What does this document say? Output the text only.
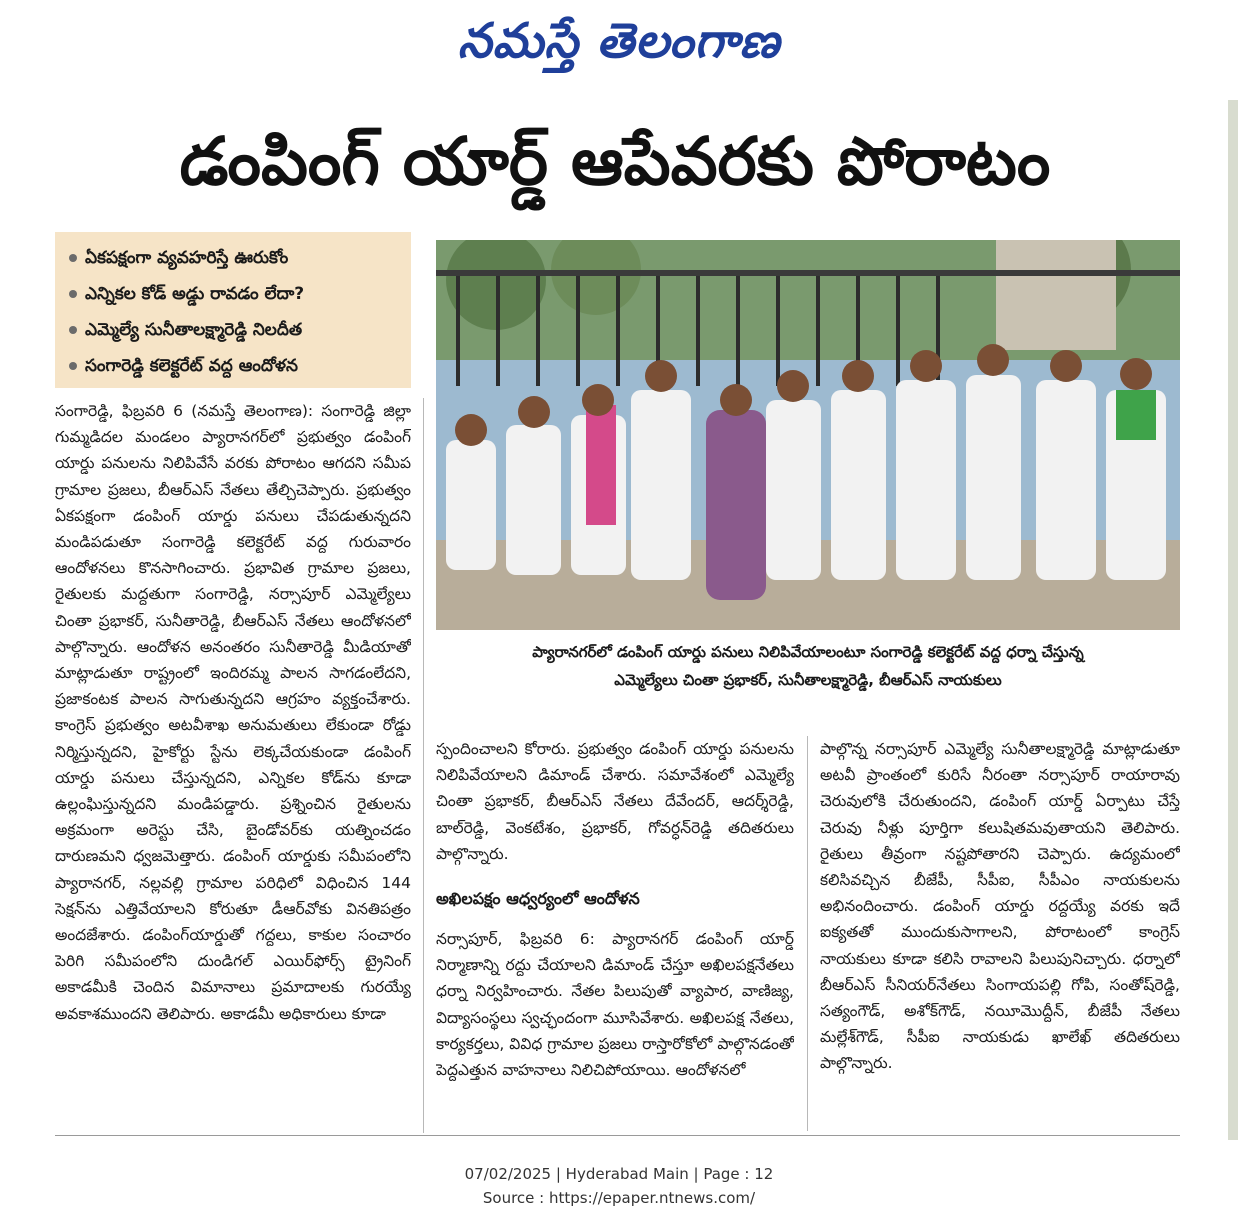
నమస్తే తెలంగాణ
డంపింగ్ యార్డ్ ఆపేవరకు పోరాటం
ఏకపక్షంగా వ్యవహరిస్తే ఊరుకోం
ఎన్నికల కోడ్ అడ్డు రావడం లేదా?
ఎమ్మెల్యే సునీతాలక్ష్మారెడ్డి నిలదీత
సంగారెడ్డి కలెక్టరేట్ వద్ద ఆందోళన
ప్యారానగర్‌లో డంపింగ్ యార్డు పనులు నిలిపివేయాలంటూ సంగారెడ్డి కలెక్టరేట్ వద్ద ధర్నా చేస్తున్న
ఎమ్మెల్యేలు చింతా ప్రభాకర్, సునీతాలక్ష్మారెడ్డి, బీఆర్‌ఎస్ నాయకులు
సంగారెడ్డి, ఫిబ్రవరి 6 (నమస్తే తెలంగాణ): సంగారెడ్డి జిల్లా గుమ్మడిదల మండలం ప్యారానగర్‌లో ప్రభుత్వం డంపింగ్ యార్డు పనులను నిలిపివేసే వరకు పోరాటం ఆగదని సమీప గ్రామాల ప్రజలు, బీఆర్‌ఎస్ నేతలు తేల్చిచెప్పారు. ప్రభుత్వం ఏకపక్షంగా డంపింగ్ యార్డు పనులు చేపడుతున్నదని మండిపడుతూ సంగారెడ్డి కలెక్టరేట్ వద్ద గురువారం ఆందోళనలు కొనసాగించారు. ప్రభావిత గ్రామాల ప్రజలు, రైతులకు మద్దతుగా సంగారెడ్డి, నర్సాపూర్ ఎమ్మెల్యేలు చింతా ప్రభాకర్, సునీతారెడ్డి, బీఆర్‌ఎస్ నేతలు ఆందోళనలో పాల్గొన్నారు. ఆందోళన అనంతరం సునీతారెడ్డి మీడియాతో మాట్లాడుతూ రాష్ట్రంలో ఇందిరమ్మ పాలన సాగడంలేదని, ప్రజాకంటక పాలన సాగుతున్నదని ఆగ్రహం వ్యక్తంచేశారు. కాంగ్రెస్ ప్రభుత్వం అటవీశాఖ అనుమతులు లేకుండా రోడ్డు నిర్మిస్తున్నదని, హైకోర్టు స్టేను లెక్కచేయకుండా డంపింగ్ యార్డు పనులు చేస్తున్నదని, ఎన్నికల కోడ్‌ను కూడా ఉల్లంఘిస్తున్నదని మండిపడ్డారు. ప్రశ్నించిన రైతులను అక్రమంగా అరెస్టు చేసి, బైండోవర్‌కు యత్నించడం దారుణమని ధ్వజమెత్తారు. డంపింగ్ యార్డుకు సమీపంలోని ప్యారానగర్, నల్లవల్లి గ్రామాల పరిధిలో విధించిన 144 సెక్షన్‌ను ఎత్తివేయాలని కోరుతూ డీఆర్‌వోకు వినతిపత్రం అందజేశారు. డంపింగ్‌యార్డుతో గద్దలు, కాకుల సంచారం పెరిగి సమీపంలోని దుండిగల్ ఎయిర్‌ఫోర్స్ ట్రైనింగ్ అకాడమీకి చెందిన విమానాలు ప్రమాదాలకు గురయ్యే అవకాశముందని తెలిపారు. అకాడమీ అధికారులు కూడా
స్పందించాలని కోరారు. ప్రభుత్వం డంపింగ్ యార్డు పనులను నిలిపివేయాలని డిమాండ్ చేశారు. సమావేశంలో ఎమ్మెల్యే చింతా ప్రభాకర్, బీఆర్‌ఎస్ నేతలు దేవేందర్, ఆదర్శ్‌రెడ్డి, బాల్‌రెడ్డి, వెంకటేశం, ప్రభాకర్, గోవర్ధన్‌రెడ్డి తదితరులు పాల్గొన్నారు.
అఖిలపక్షం ఆధ్వర్యంలో ఆందోళన
నర్సాపూర్, ఫిబ్రవరి 6: ప్యారానగర్ డంపింగ్ యార్డ్ నిర్మాణాన్ని రద్దు చేయాలని డిమాండ్ చేస్తూ అఖిలపక్షనేతలు ధర్నా నిర్వహించారు. నేతల పిలుపుతో వ్యాపార, వాణిజ్య, విద్యాసంస్థలు స్వచ్ఛందంగా మూసివేశారు. అఖిలపక్ష నేతలు, కార్యకర్తలు, వివిధ గ్రామాల ప్రజలు రాస్తారోకోలో పాల్గొనడంతో పెద్దఎత్తున వాహనాలు నిలిచిపోయాయి. ఆందోళనలో
పాల్గొన్న నర్సాపూర్ ఎమ్మెల్యే సునీతాలక్ష్మారెడ్డి మాట్లాడుతూ అటవీ ప్రాంతంలో కురిసే నీరంతా నర్సాపూర్ రాయారావు చెరువులోకి చేరుతుందని, డంపింగ్ యార్డ్ ఏర్పాటు చేస్తే చెరువు నీళ్లు పూర్తిగా కలుషితమవుతాయని తెలిపారు. రైతులు తీవ్రంగా నష్టపోతారని చెప్పారు. ఉద్యమంలో కలిసివచ్చిన బీజేపీ, సీపీఐ, సీపీఎం నాయకులను అభినందించారు. డంపింగ్ యార్డు రద్దయ్యే వరకు ఇదే ఐక్యతతో ముందుకుసాగాలని, పోరాటంలో కాంగ్రెస్ నాయకులు కూడా కలిసి రావాలని పిలుపునిచ్చారు. ధర్నాలో బీఆర్‌ఎస్ సీనియర్‌నేతలు సింగాయపల్లి గోపి, సంతోష్‌రెడ్డి, సత్యంగౌడ్, అశోక్‌గౌడ్, నయీమొద్దీన్, బీజేపీ నేతలు మల్లేశ్‌గౌడ్, సీపీఐ నాయకుడు ఖాలేఖ్ తదితరులు పాల్గొన్నారు.
07/02/2025 | Hyderabad Main | Page : 12
Source : https://epaper.ntnews.com/
